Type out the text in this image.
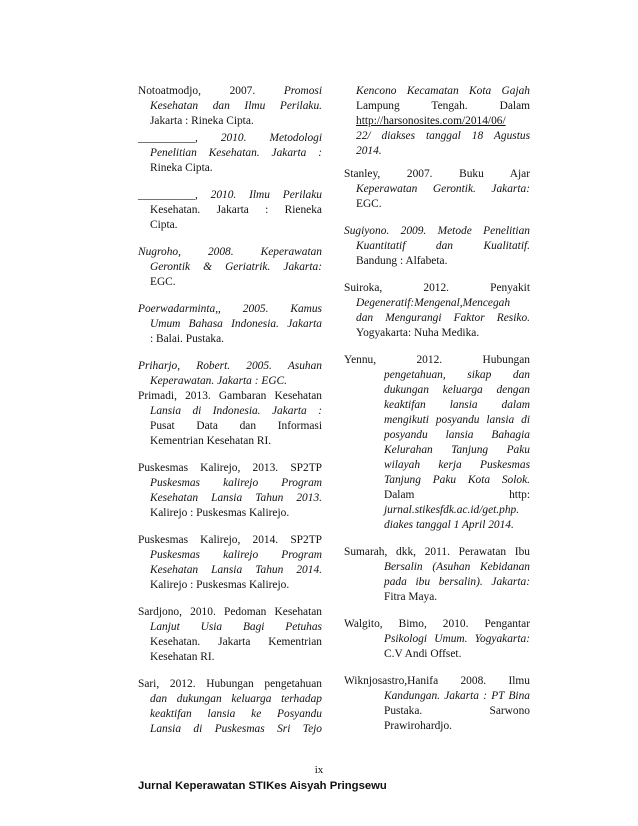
Notoatmodjo, 2007. Promosi
Kesehatan dan Ilmu Perilaku.
Jakarta : Rineka Cipta.

__________, 2010. Metodologi
Penelitian Kesehatan. Jakarta :
Rineka Cipta.

__________, 2010. Ilmu Perilaku
Kesehatan. Jakarta : Rieneka
Cipta.

Nugroho, 2008. Keperawatan
Gerontik & Geriatrik. Jakarta:
EGC.

Poerwadarminta,, 2005. Kamus
Umum Bahasa Indonesia. Jakarta
: Balai. Pustaka.

Priharjo, Robert. 2005. Asuhan
Keperawatan. Jakarta : EGC.

Primadi, 2013. Gambaran Kesehatan
Lansia di Indonesia. Jakarta :
Pusat Data dan Informasi
Kementrian Kesehatan RI.

Puskesmas Kalirejo, 2013. SP2TP
Puskesmas kalirejo Program
Kesehatan Lansia Tahun 2013.
Kalirejo : Puskesmas Kalirejo.

Puskesmas Kalirejo, 2014. SP2TP
Puskesmas kalirejo Program
Kesehatan Lansia Tahun 2014.
Kalirejo : Puskesmas Kalirejo.

Sardjono, 2010. Pedoman Kesehatan
Lanjut Usia Bagi Petuhas
Kesehatan. Jakarta Kementrian
Kesehatan RI.

Sari, 2012. Hubungan pengetahuan
dan dukungan keluarga terhadap
keaktifan lansia ke Posyandu
Lansia di Puskesmas Sri Tejo

Kencono Kecamatan Kota Gajah
Lampung Tengah. Dalam
http://harsonosites.com/2014/06/
22/ diakses tanggal 18 Agustus
2014.

Stanley, 2007. Buku Ajar
Keperawatan Gerontik. Jakarta:
EGC.

Sugiyono. 2009. Metode Penelitian
Kuantitatif dan Kualitatif.
Bandung : Alfabeta.

Suiroka, 2012. Penyakit
Degeneratif:Mengenal,Mencegah
dan Mengurangi Faktor Resiko.
Yogyakarta: Nuha Medika.

Yennu, 2012. Hubungan
pengetahuan, sikap dan
dukungan keluarga dengan
keaktifan lansia dalam
mengikuti posyandu lansia di
posyandu lansia Bahagia
Kelurahan Tanjung Paku
wilayah kerja Puskesmas
Tanjung Paku Kota Solok.
Dalam http:
jurnal.stikesfdk.ac.id/get.php.
diakes tanggal 1 April 2014.

Sumarah, dkk, 2011. Perawatan Ibu
Bersalin (Asuhan Kebidanan
pada ibu bersalin). Jakarta:
Fitra Maya.

Walgito, Bimo, 2010. Pengantar
Psikologi Umum. Yogyakarta:
C.V Andi Offset.

Wiknjosastro,Hanifa 2008. Ilmu
Kandungan. Jakarta : PT Bina
Pustaka. Sarwono
Prawirohardjo.

ix
Jurnal Keperawatan STIKes Aisyah Pringsewu
